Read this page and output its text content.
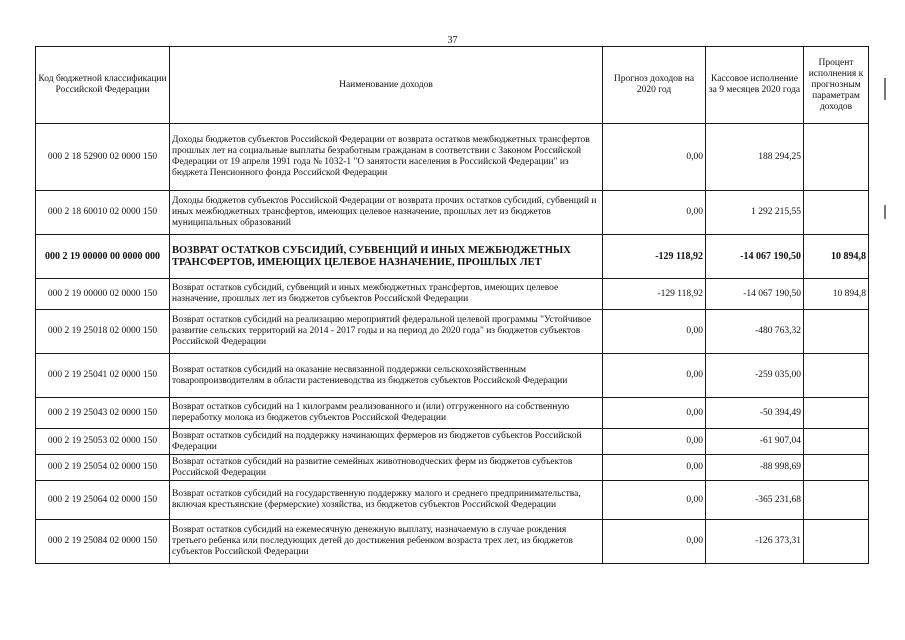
37
Код бюджетной классификации Российской Федерации	Наименование доходов	Прогноз доходов на 2020 год	Кассовое исполнение за 9 месяцев 2020 года	Процент исполнения к прогнозным параметрам доходов
000 2 18 52900 02 0000 150	Доходы бюджетов субъектов Российской Федерации от возврата остатков межбюджетных трансфертов прошлых лет на социальные выплаты безработным гражданам в соответствии с Законом Российской Федерации от 19 апреля 1991 года № 1032-1 "О занятости населения в Российской Федерации" из бюджета Пенсионного фонда Российской Федерации	0,00	188 294,25	
000 2 18 60010 02 0000 150	Доходы бюджетов субъектов Российской Федерации от возврата прочих остатков субсидий, субвенций и иных межбюджетных трансфертов, имеющих целевое назначение, прошлых лет из бюджетов муниципальных образований	0,00	1 292 215,55	
000 2 19 00000 00 0000 000	ВОЗВРАТ ОСТАТКОВ СУБСИДИЙ, СУБВЕНЦИЙ И ИНЫХ МЕЖБЮДЖЕТНЫХ ТРАНСФЕРТОВ, ИМЕЮЩИХ ЦЕЛЕВОЕ НАЗНАЧЕНИЕ, ПРОШЛЫХ ЛЕТ	-129 118,92	-14 067 190,50	10 894,8
000 2 19 00000 02 0000 150	Возврат остатков субсидий, субвенций и иных межбюджетных трансфертов, имеющих целевое назначение, прошлых лет из бюджетов субъектов Российской Федерации	-129 118,92	-14 067 190,50	10 894,8
000 2 19 25018 02 0000 150	Возврат остатков субсидий на реализацию мероприятий федеральной целевой программы "Устойчивое развитие сельских территорий на 2014 - 2017 годы и на период до 2020 года" из бюджетов субъектов Российской Федерации	0,00	-480 763,32	
000 2 19 25041 02 0000 150	Возврат остатков субсидий на оказание несвязанной поддержки сельскохозяйственным товаропроизводителям в области растениеводства из бюджетов субъектов Российской Федерации	0,00	-259 035,00	
000 2 19 25043 02 0000 150	Возврат остатков субсидий на 1 килограмм реализованного и (или) отгруженного на собственную переработку молока из бюджетов субъектов Российской Федерации	0,00	-50 394,49	
000 2 19 25053 02 0000 150	Возврат остатков субсидий на поддержку начинающих фермеров из бюджетов субъектов Российской Федерации	0,00	-61 907,04	
000 2 19 25054 02 0000 150	Возврат остатков субсидий на развитие семейных животноводческих ферм из бюджетов субъектов Российской Федерации	0,00	-88 998,69	
000 2 19 25064 02 0000 150	Возврат остатков субсидий на государственную поддержку малого и среднего предпринимательства, включая крестьянские (фермерские) хозяйства, из бюджетов субъектов Российской Федерации	0,00	-365 231,68	
000 2 19 25084 02 0000 150	Возврат остатков субсидий на ежемесячную денежную выплату, назначаемую в случае рождения третьего ребенка или последующих детей до достижения ребенком возраста трех лет, из бюджетов субъектов Российской Федерации	0,00	-126 373,31	
